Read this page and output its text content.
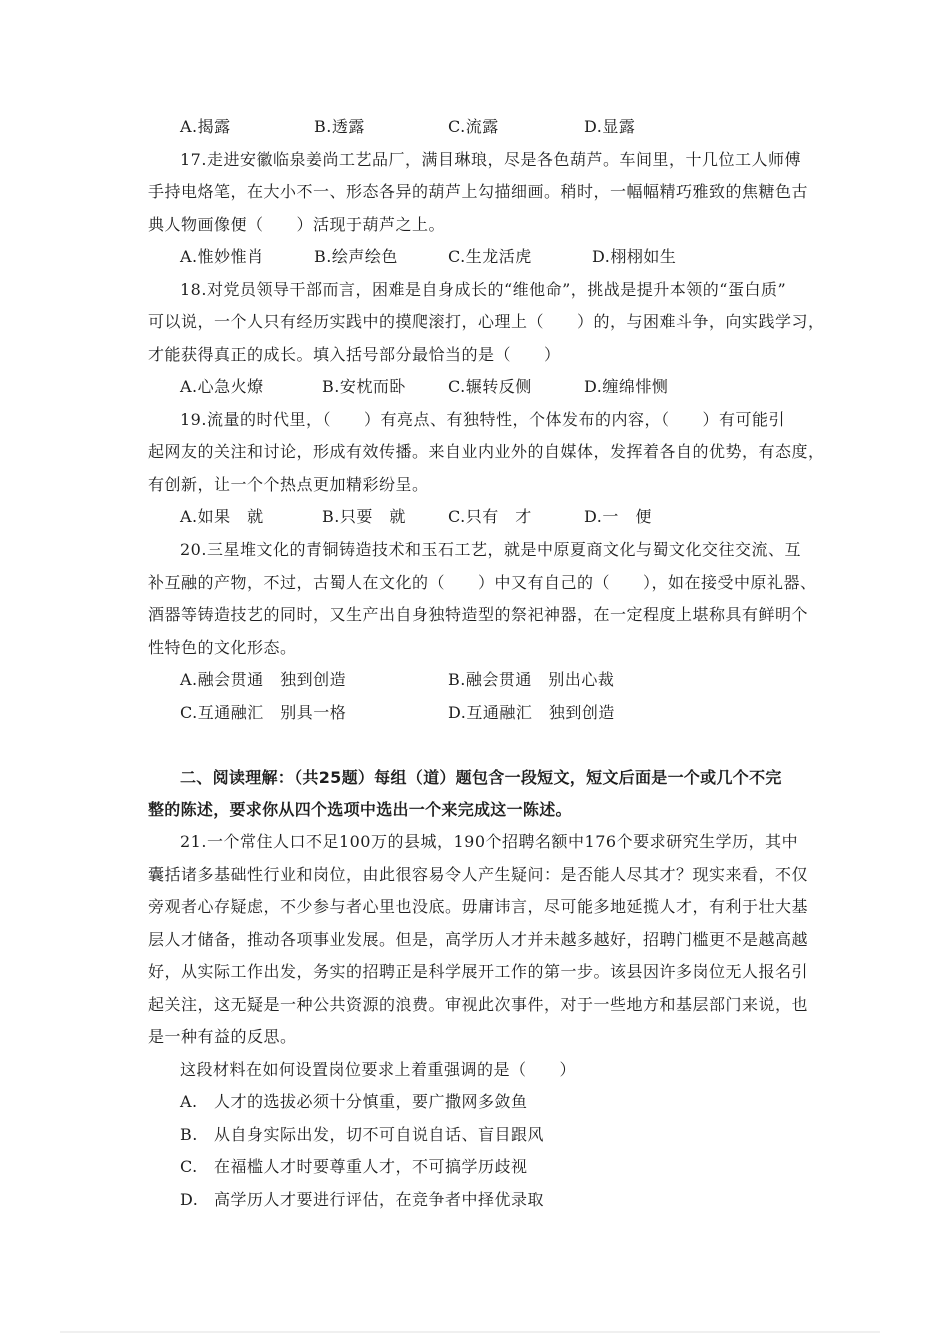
A.揭露	B.透露	C.流露	D.显露
17.走进安徽临泉姜尚工艺品厂，满目琳琅，尽是各色葫芦。车间里，十几位工人师傅
手持电烙笔，在大小不一、形态各异的葫芦上勾描细画。稍时，一幅幅精巧雅致的焦糖色古
典人物画像便（　　）活现于葫芦之上。
A.惟妙惟肖	B.绘声绘色	C.生龙活虎	D.栩栩如生
18.对党员领导干部而言，困难是自身成长的“维他命”，挑战是提升本领的“蛋白质”
可以说，一个人只有经历实践中的摸爬滚打，心理上（　　）的，与困难斗争，向实践学习，
才能获得真正的成长。填入括号部分最恰当的是（　　）
A.心急火燎	B.安枕而卧	C.辗转反侧	D.缠绵悱恻
19.流量的时代里，（　　）有亮点、有独特性，个体发布的内容，（　　）有可能引
起网友的关注和讨论，形成有效传播。来自业内业外的自媒体，发挥着各自的优势，有态度，
有创新，让一个个热点更加精彩纷呈。
A.如果　就	B.只要　就	C.只有　才	D.一　便
20.三星堆文化的青铜铸造技术和玉石工艺，就是中原夏商文化与蜀文化交往交流、互
补互融的产物，不过，古蜀人在文化的（　　）中又有自己的（　　），如在接受中原礼器、
酒器等铸造技艺的同时，又生产出自身独特造型的祭祀神器，在一定程度上堪称具有鲜明个
性特色的文化形态。
A.融会贯通　独到创造	B.融会贯通　别出心裁
C.互通融汇　别具一格	D.互通融汇　独到创造
二、阅读理解：（共25题）每组（道）题包含一段短文，短文后面是一个或几个不完
整的陈述，要求你从四个选项中选出一个来完成这一陈述。
21.一个常住人口不足100万的县城，190个招聘名额中176个要求研究生学历，其中
囊括诸多基础性行业和岗位，由此很容易令人产生疑问：是否能人尽其才？现实来看，不仅
旁观者心存疑虑，不少参与者心里也没底。毋庸讳言，尽可能多地延揽人才，有利于壮大基
层人才储备，推动各项事业发展。但是，高学历人才并未越多越好，招聘门槛更不是越高越
好，从实际工作出发，务实的招聘正是科学展开工作的第一步。该县因许多岗位无人报名引
起关注，这无疑是一种公共资源的浪费。审视此次事件，对于一些地方和基层部门来说，也
是一种有益的反思。
这段材料在如何设置岗位要求上着重强调的是（　　）
A. 人才的选拔必须十分慎重，要广撒网多敛鱼
B. 从自身实际出发，切不可自说自话、盲目跟风
C. 在福槛人才时要尊重人才，不可搞学历歧视
D. 高学历人才要进行评估，在竞争者中择优录取
